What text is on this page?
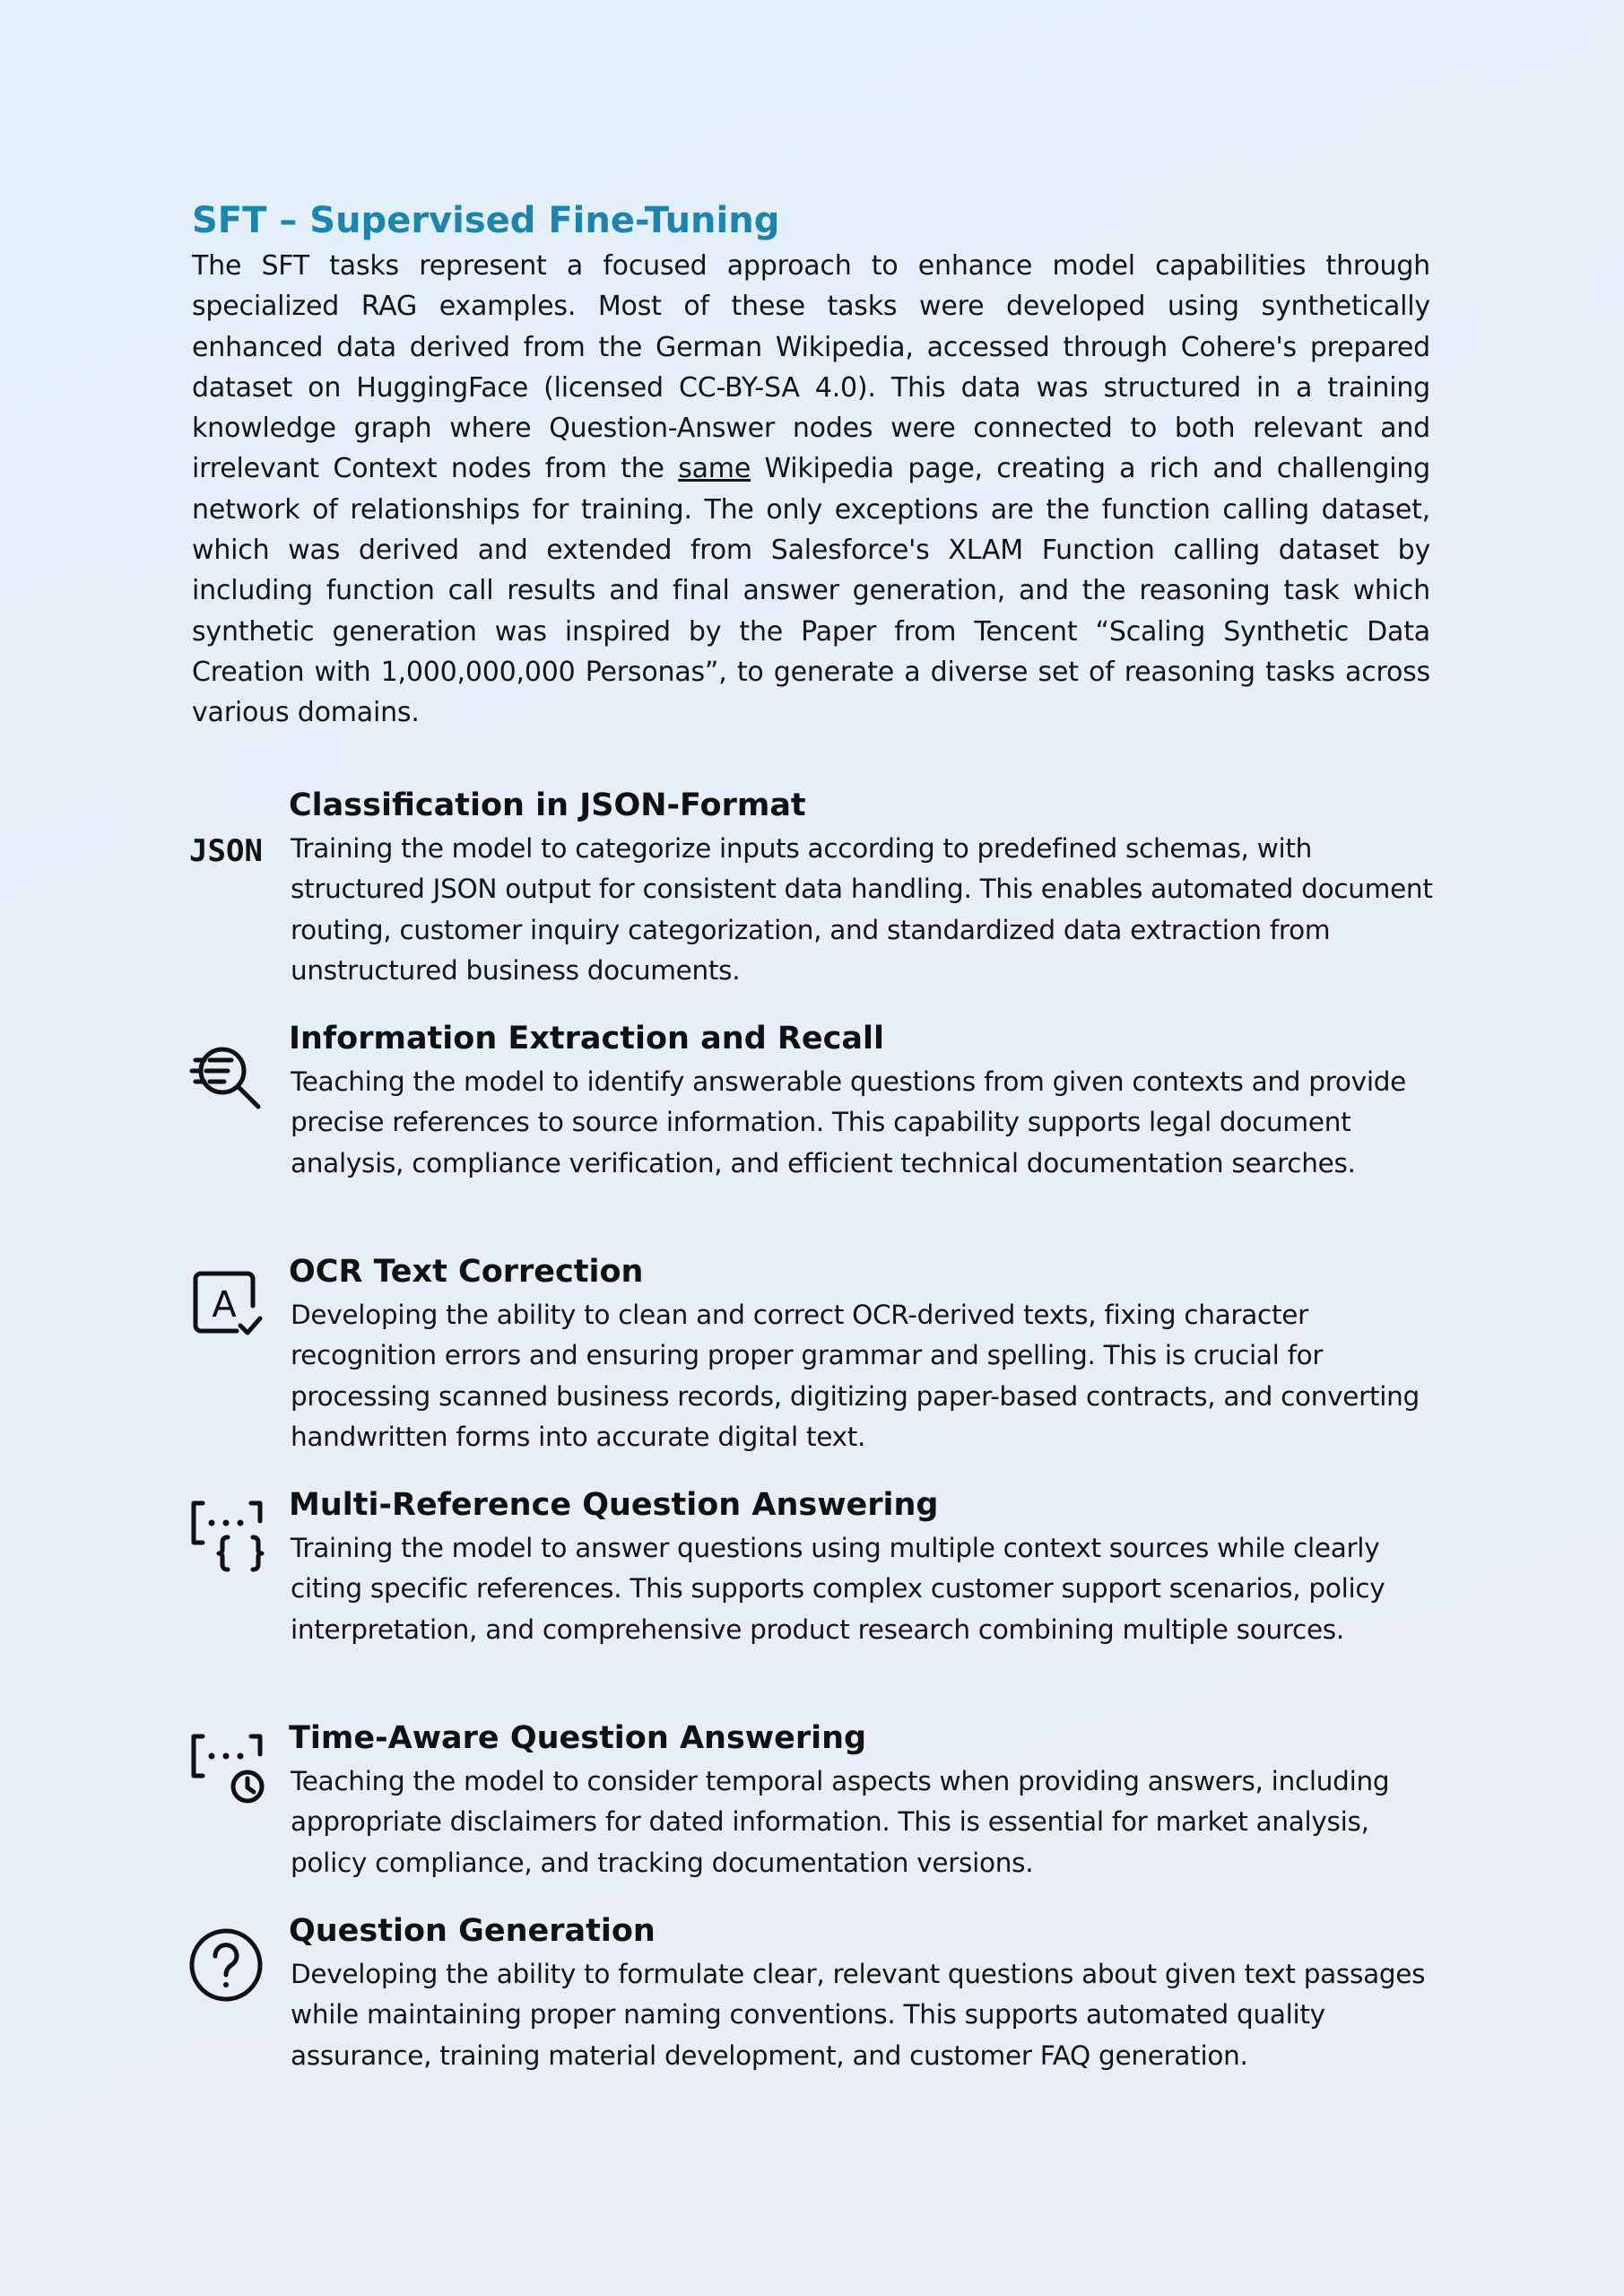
SFT – Supervised Fine-Tuning

The SFT tasks represent a focused approach to enhance model capabilities through specialized RAG examples. Most of these tasks were developed using synthetically enhanced data derived from the German Wikipedia, accessed through Cohere's prepared dataset on HuggingFace (licensed CC-BY-SA 4.0). This data was structured in a training knowledge graph where Question-Answer nodes were connected to both relevant and irrelevant Context nodes from the same Wikipedia page, creating a rich and challenging network of relationships for training. The only exceptions are the function calling dataset, which was derived and extended from Salesforce's XLAM Function calling dataset by including function call results and final answer generation, and the reasoning task which synthetic generation was inspired by the Paper from Tencent “Scaling Synthetic Data Creation with 1,000,000,000 Personas”, to generate a diverse set of reasoning tasks across various domains.

JSON
Classification in JSON-Format

Training the model to categorize inputs according to predefined schemas, with structured JSON output for consistent data handling. This enables automated document routing, customer inquiry categorization, and standardized data extraction from unstructured business documents.

Information Extraction and Recall

Teaching the model to identify answerable questions from given contexts and provide precise references to source information. This capability supports legal document analysis, compliance verification, and efficient technical documentation searches.

A
OCR Text Correction

Developing the ability to clean and correct OCR-derived texts, fixing character recognition errors and ensuring proper grammar and spelling. This is crucial for processing scanned business records, digitizing paper-based contracts, and converting handwritten forms into accurate digital text.

Multi-Reference Question Answering

Training the model to answer questions using multiple context sources while clearly citing specific references. This supports complex customer support scenarios, policy interpretation, and comprehensive product research combining multiple sources.

Time-Aware Question Answering

Teaching the model to consider temporal aspects when providing answers, including appropriate disclaimers for dated information. This is essential for market analysis, policy compliance, and tracking documentation versions.

Question Generation

Developing the ability to formulate clear, relevant questions about given text passages while maintaining proper naming conventions. This supports automated quality assurance, training material development, and customer FAQ generation.
